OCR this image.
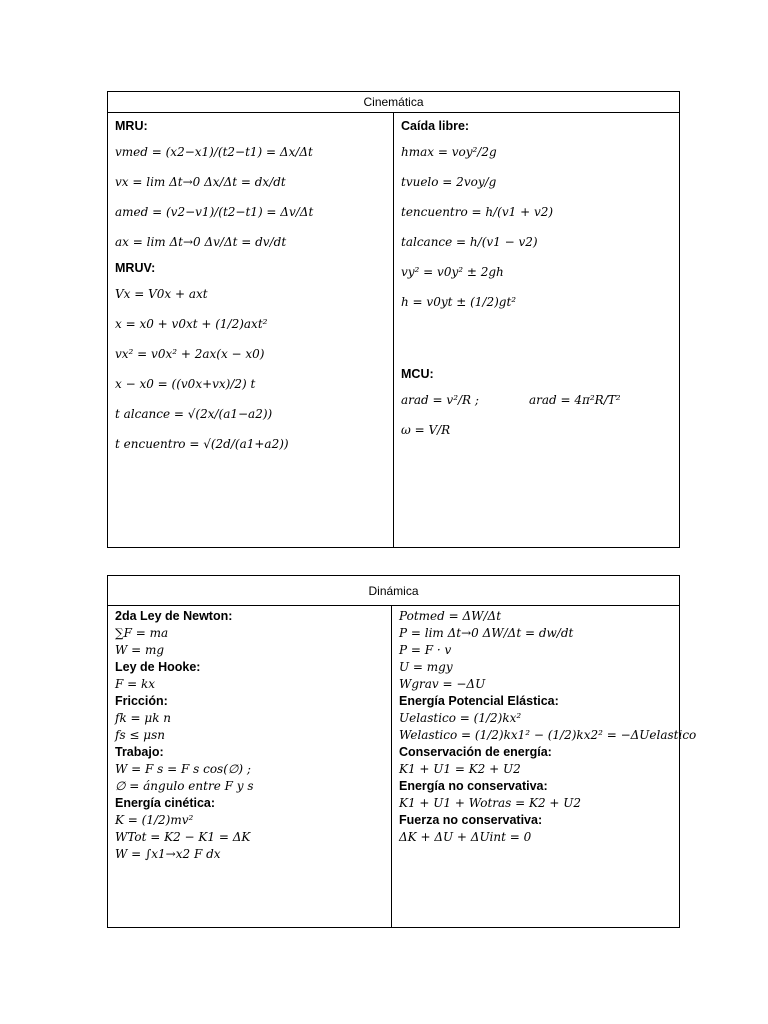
Cinemática

MRU:
vmed = (x2−x1)/(t2−t1) = Δx/Δt
vx = lim Δt→0 Δx/Δt = dx/dt
amed = (v2−v1)/(t2−t1) = Δv/Δt
ax = lim Δt→0 Δv/Δt = dv/dt
MRUV:
Vx = V0x + axt
x = x0 + v0xt + (1/2)axt²
vx² = v0x² + 2ax(x − x0)
x − x0 = ((v0x+vx)/2) t
t alcance = √(2x/(a1−a2))
t encuentro = √(2d/(a1+a2))

Caída libre:
hmax = voy²/2g
tvuelo = 2voy/g
tencuentro = h/(v1 + v2)
talcance = h/(v1 − v2)
vy² = v0y² ± 2gh
h = v0yt ± (1/2)gt²
MCU:
arad = v²/R ;	arad = 4π²R/T²
ω = V/R
Dinámica

2da Ley de Newton:
∑F = ma
W = mg
Ley de Hooke:
F = kx
Fricción:
fk = μk n
fs ≤ μsn
Trabajo:
W = F s = F s cos(∅) ;
∅ = ángulo entre F y s
Energía cinética:
K = (1/2)mv²
WTot = K2 − K1 = ΔK
W = ∫x1→x2 F dx

Potmed = ΔW/Δt
P = lim Δt→0 ΔW/Δt = dw/dt
P = F · v
U = mgy
Wgrav = −ΔU
Energía Potencial Elástica:
Uelastico = (1/2)kx²
Welastico = (1/2)kx1² − (1/2)kx2² = −ΔUelastico
Conservación de energía:
K1 + U1 = K2 + U2
Energía no conservativa:
K1 + U1 + Wotras = K2 + U2
Fuerza no conservativa:
ΔK + ΔU + ΔUint = 0
